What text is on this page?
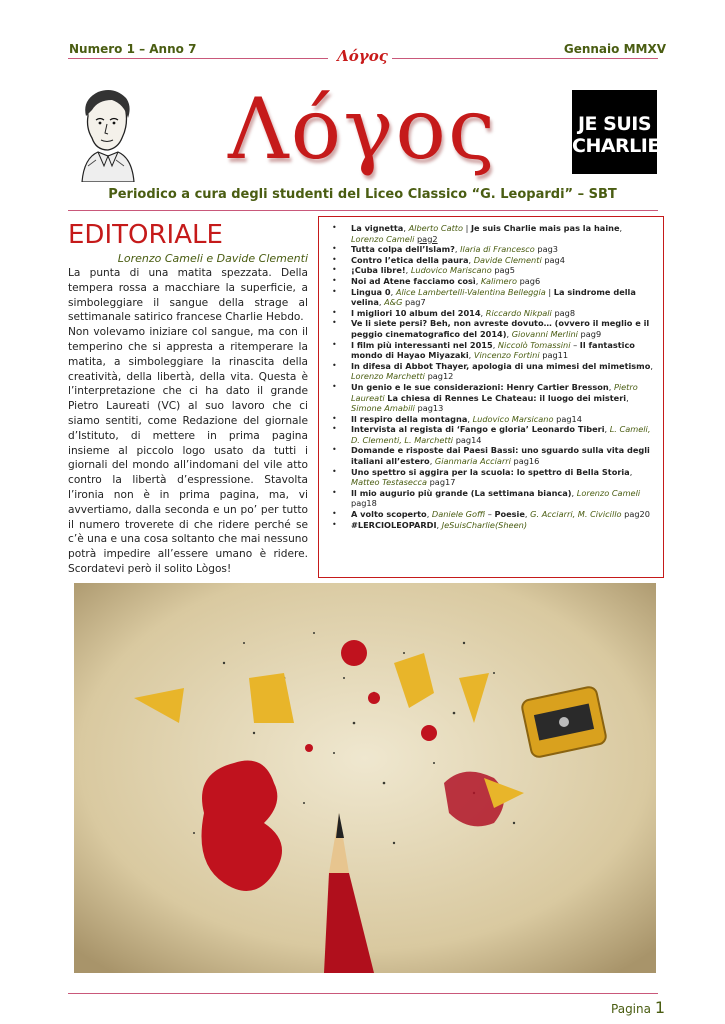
Numero 1 – Anno 7	Gennaio MMXV
Λόγος
Λόγος	JE SUIS
CHARLIE
Periodico a cura degli studenti del Liceo Classico “G. Leopardi” – SBT
EDITORIALE
Lorenzo Cameli e Davide Clementi

La punta di una matita spezzata. Della tempera rossa a macchiare la superficie, a simboleggiare il sangue della strage al settimanale satirico francese Charlie Hebdo.

Non volevamo iniziare col sangue, ma con il temperino che si appresta a ritemperare la matita, a simboleggiare la rinascita della creatività, della libertà, della vita. Questa è l’interpretazione che ci ha dato il grande Pietro Laureati (VC) al suo lavoro che ci siamo sentiti, come Redazione del giornale d’Istituto, di mettere in prima pagina insieme al piccolo logo usato da tutti i giornali del mondo all’indomani del vile atto contro la libertà d’espressione. Stavolta l’ironia non è in prima pagina, ma, vi avvertiamo, dalla seconda e un po’ per tutto il numero troverete di che ridere perché se c’è una e una cosa soltanto che mai nessuno potrà impedire all’essere umano è ridere. Scordatevi però il solito Lògos!

• La vignetta, Alberto Catto | Je suis Charlie mais pas la haine, Lorenzo Cameli pag2
• Tutta colpa dell’Islam?, Ilaria di Francesco pag3
• Contro l’etica della paura, Davide Clementi pag4
• ¡Cuba libre!, Ludovico Mariscano pag5
• Noi ad Atene facciamo così, Kalimero pag6
• Lingua 0, Alice Lambertelli-Valentina Belleggia | La sindrome della velina, A&G pag7
• I migliori 10 album del 2014, Riccardo Nikpali pag8
• Ve li siete persi? Beh, non avreste dovuto… (ovvero il meglio e il peggio cinematografico del 2014), Giovanni Merlini pag9
• I film più interessanti nel 2015, Niccolò Tomassini – Il fantastico mondo di Hayao Miyazaki, Vincenzo Fortini pag11
• In difesa di Abbot Thayer, apologia di una mimesi del mimetismo, Lorenzo Marchetti pag12
• Un genio e le sue considerazioni: Henry Cartier Bresson, Pietro Laureati La chiesa di Rennes Le Chateau: il luogo dei misteri, Simone Amabili pag13
• Il respiro della montagna, Ludovico Marsicano pag14
• Intervista al regista di ‘Fango e gloria’ Leonardo Tiberi, L. Cameli, D. Clementi, L. Marchetti pag14
• Domande e risposte dai Paesi Bassi: uno sguardo sulla vita degli italiani all’estero, Gianmaria Acciarri pag16
• Uno spettro si aggira per la scuola: lo spettro di Bella Storia, Matteo Testasecca pag17
• Il mio augurio più grande (La settimana bianca), Lorenzo Cameli pag18
• A volto scoperto, Daniele Goffi – Poesie, G. Acciarri, M. Civicillo pag20
• #LERCIOLEOPARDI, JeSuisCharlie(Sheen)
Pagina 1
